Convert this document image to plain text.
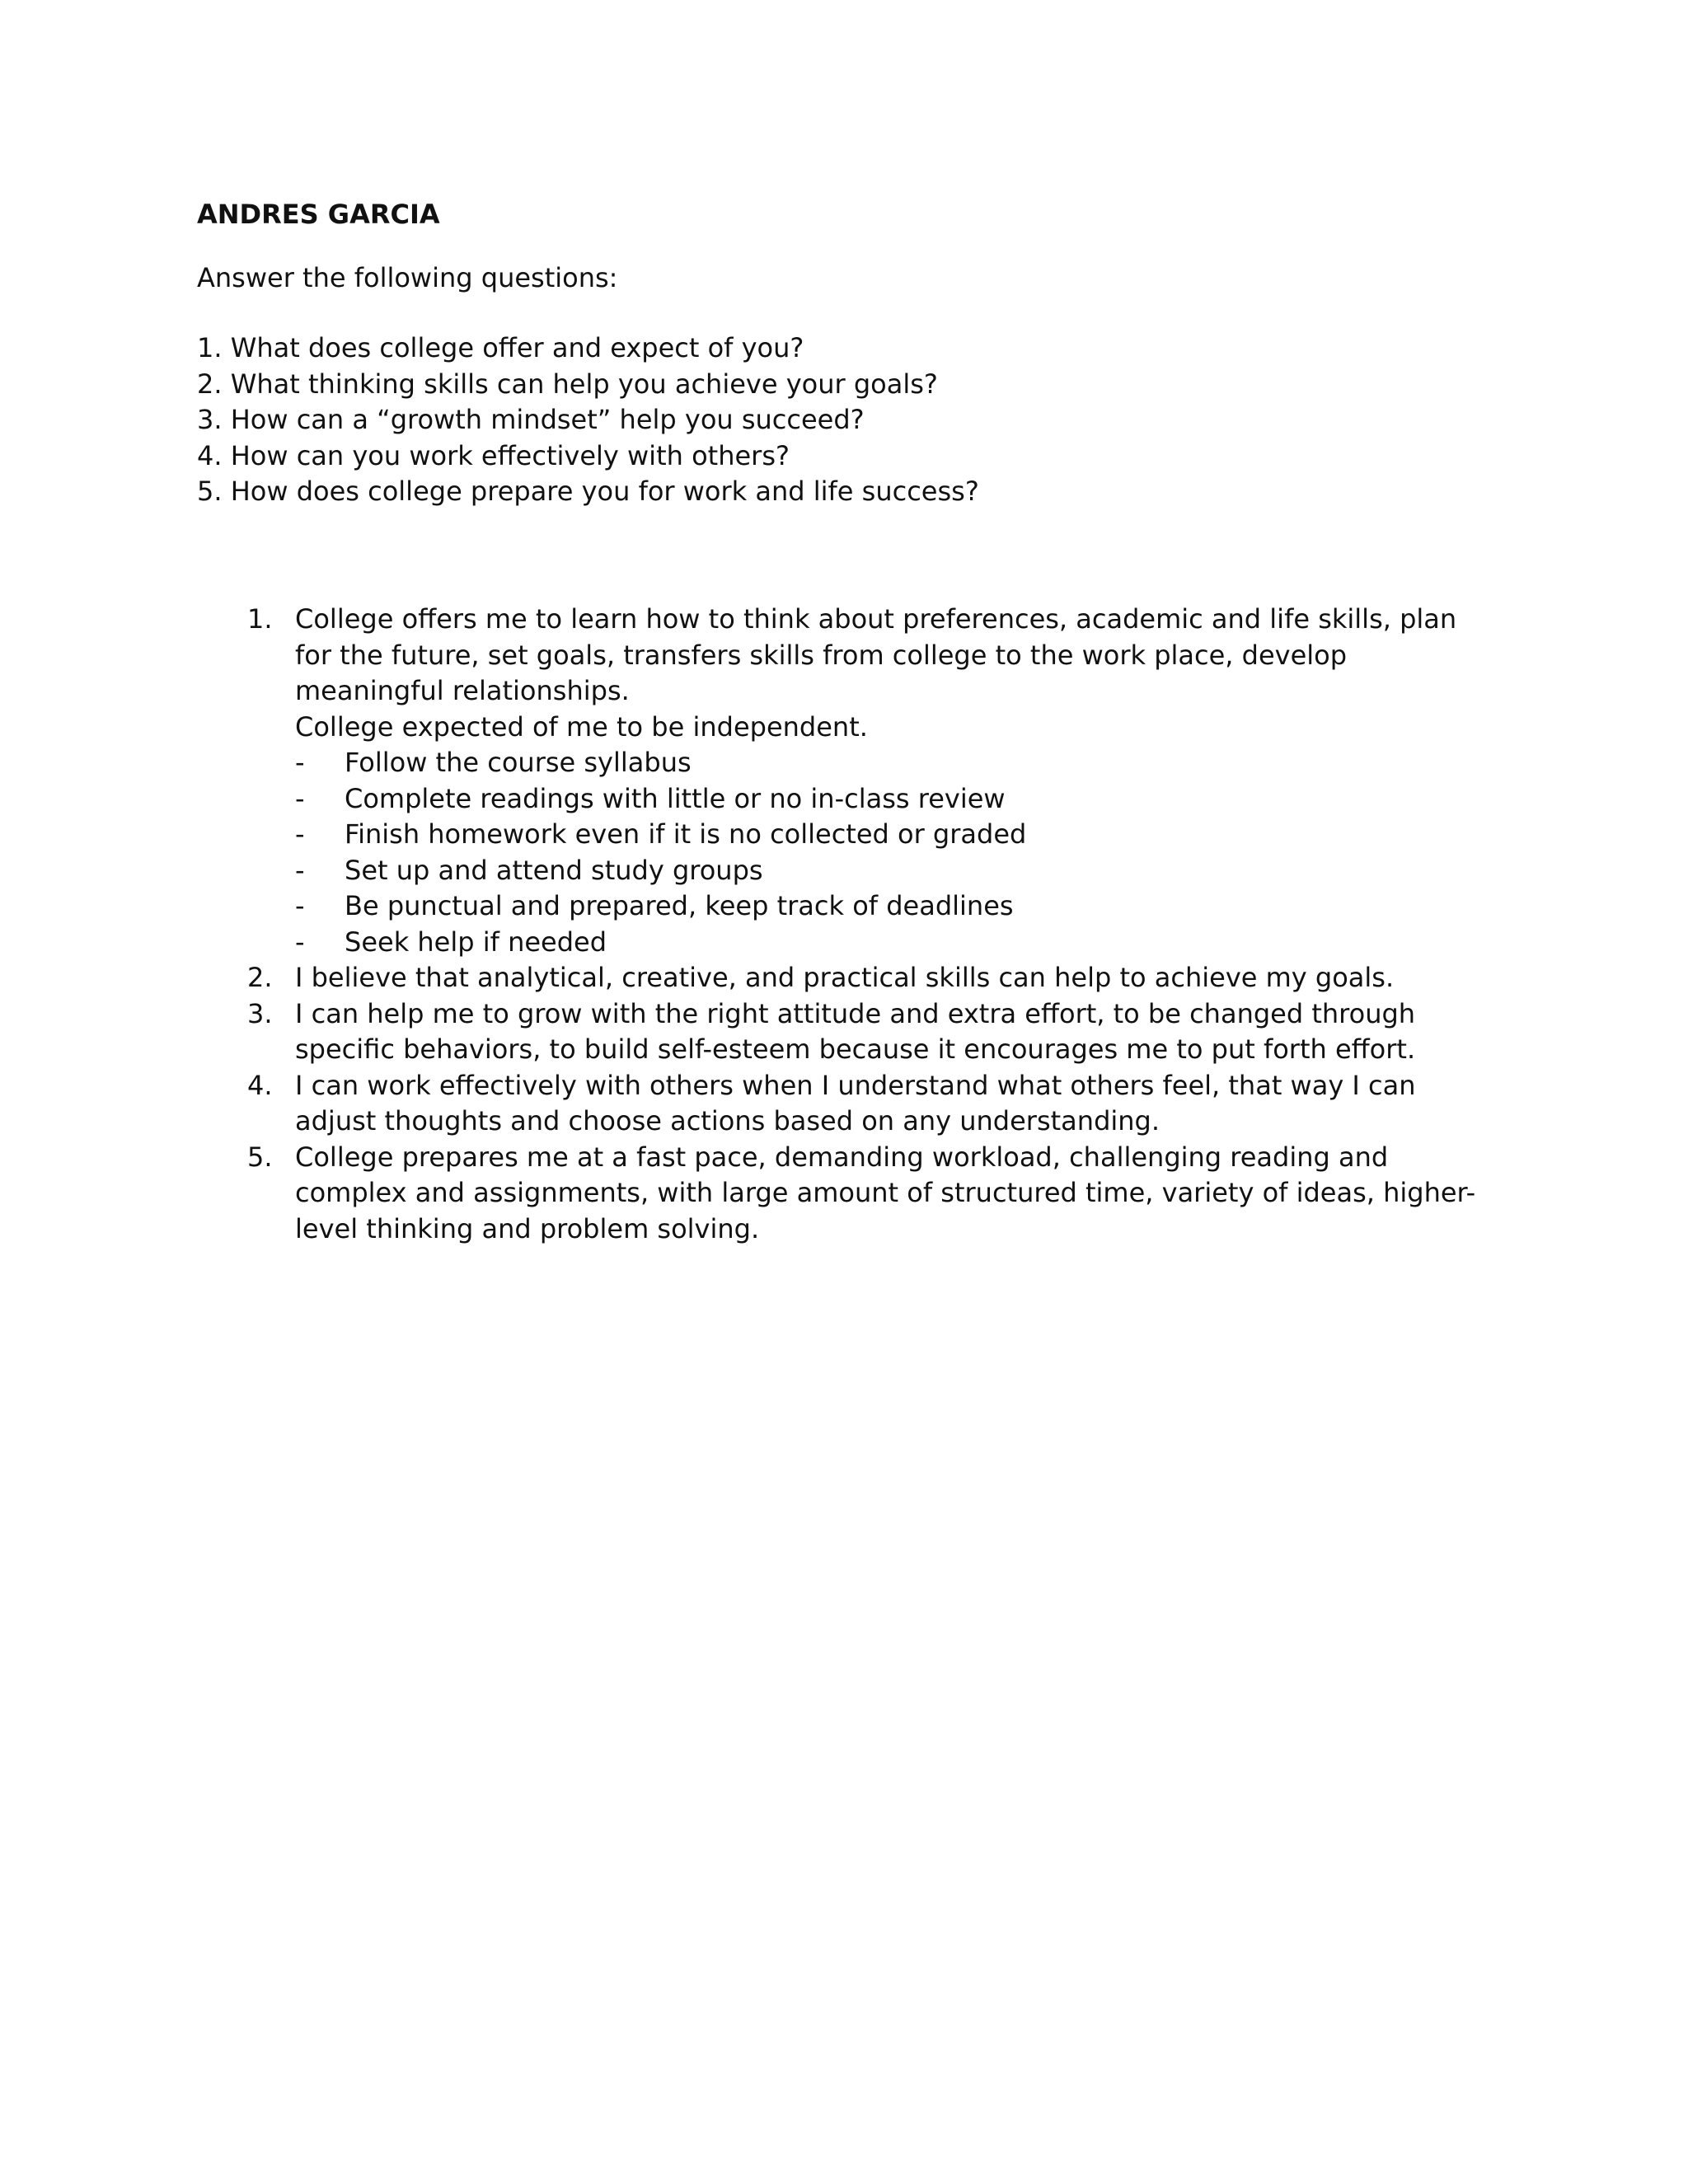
ANDRES GARCIA
Answer the following questions:
1. What does college offer and expect of you?
2. What thinking skills can help you achieve your goals?
3. How can a “growth mindset” help you succeed?
4. How can you work effectively with others?
5. How does college prepare you for work and life success?
1. College offers me to learn how to think about preferences, academic and life skills, plan for the future, set goals, transfers skills from college to the work place, develop meaningful relationships.
College expected of me to be independent.
- Follow the course syllabus
- Complete readings with little or no in-class review
- Finish homework even if it is no collected or graded
- Set up and attend study groups
- Be punctual and prepared, keep track of deadlines
- Seek help if needed
2. I believe that analytical, creative, and practical skills can help to achieve my goals.
3. I can help me to grow with the right attitude and extra effort, to be changed through specific behaviors, to build self-esteem because it encourages me to put forth effort.
4. I can work effectively with others when I understand what others feel, that way I can adjust thoughts and choose actions based on any understanding.
5. College prepares me at a fast pace, demanding workload, challenging reading and complex and assignments, with large amount of structured time, variety of ideas, higher-level thinking and problem solving.
